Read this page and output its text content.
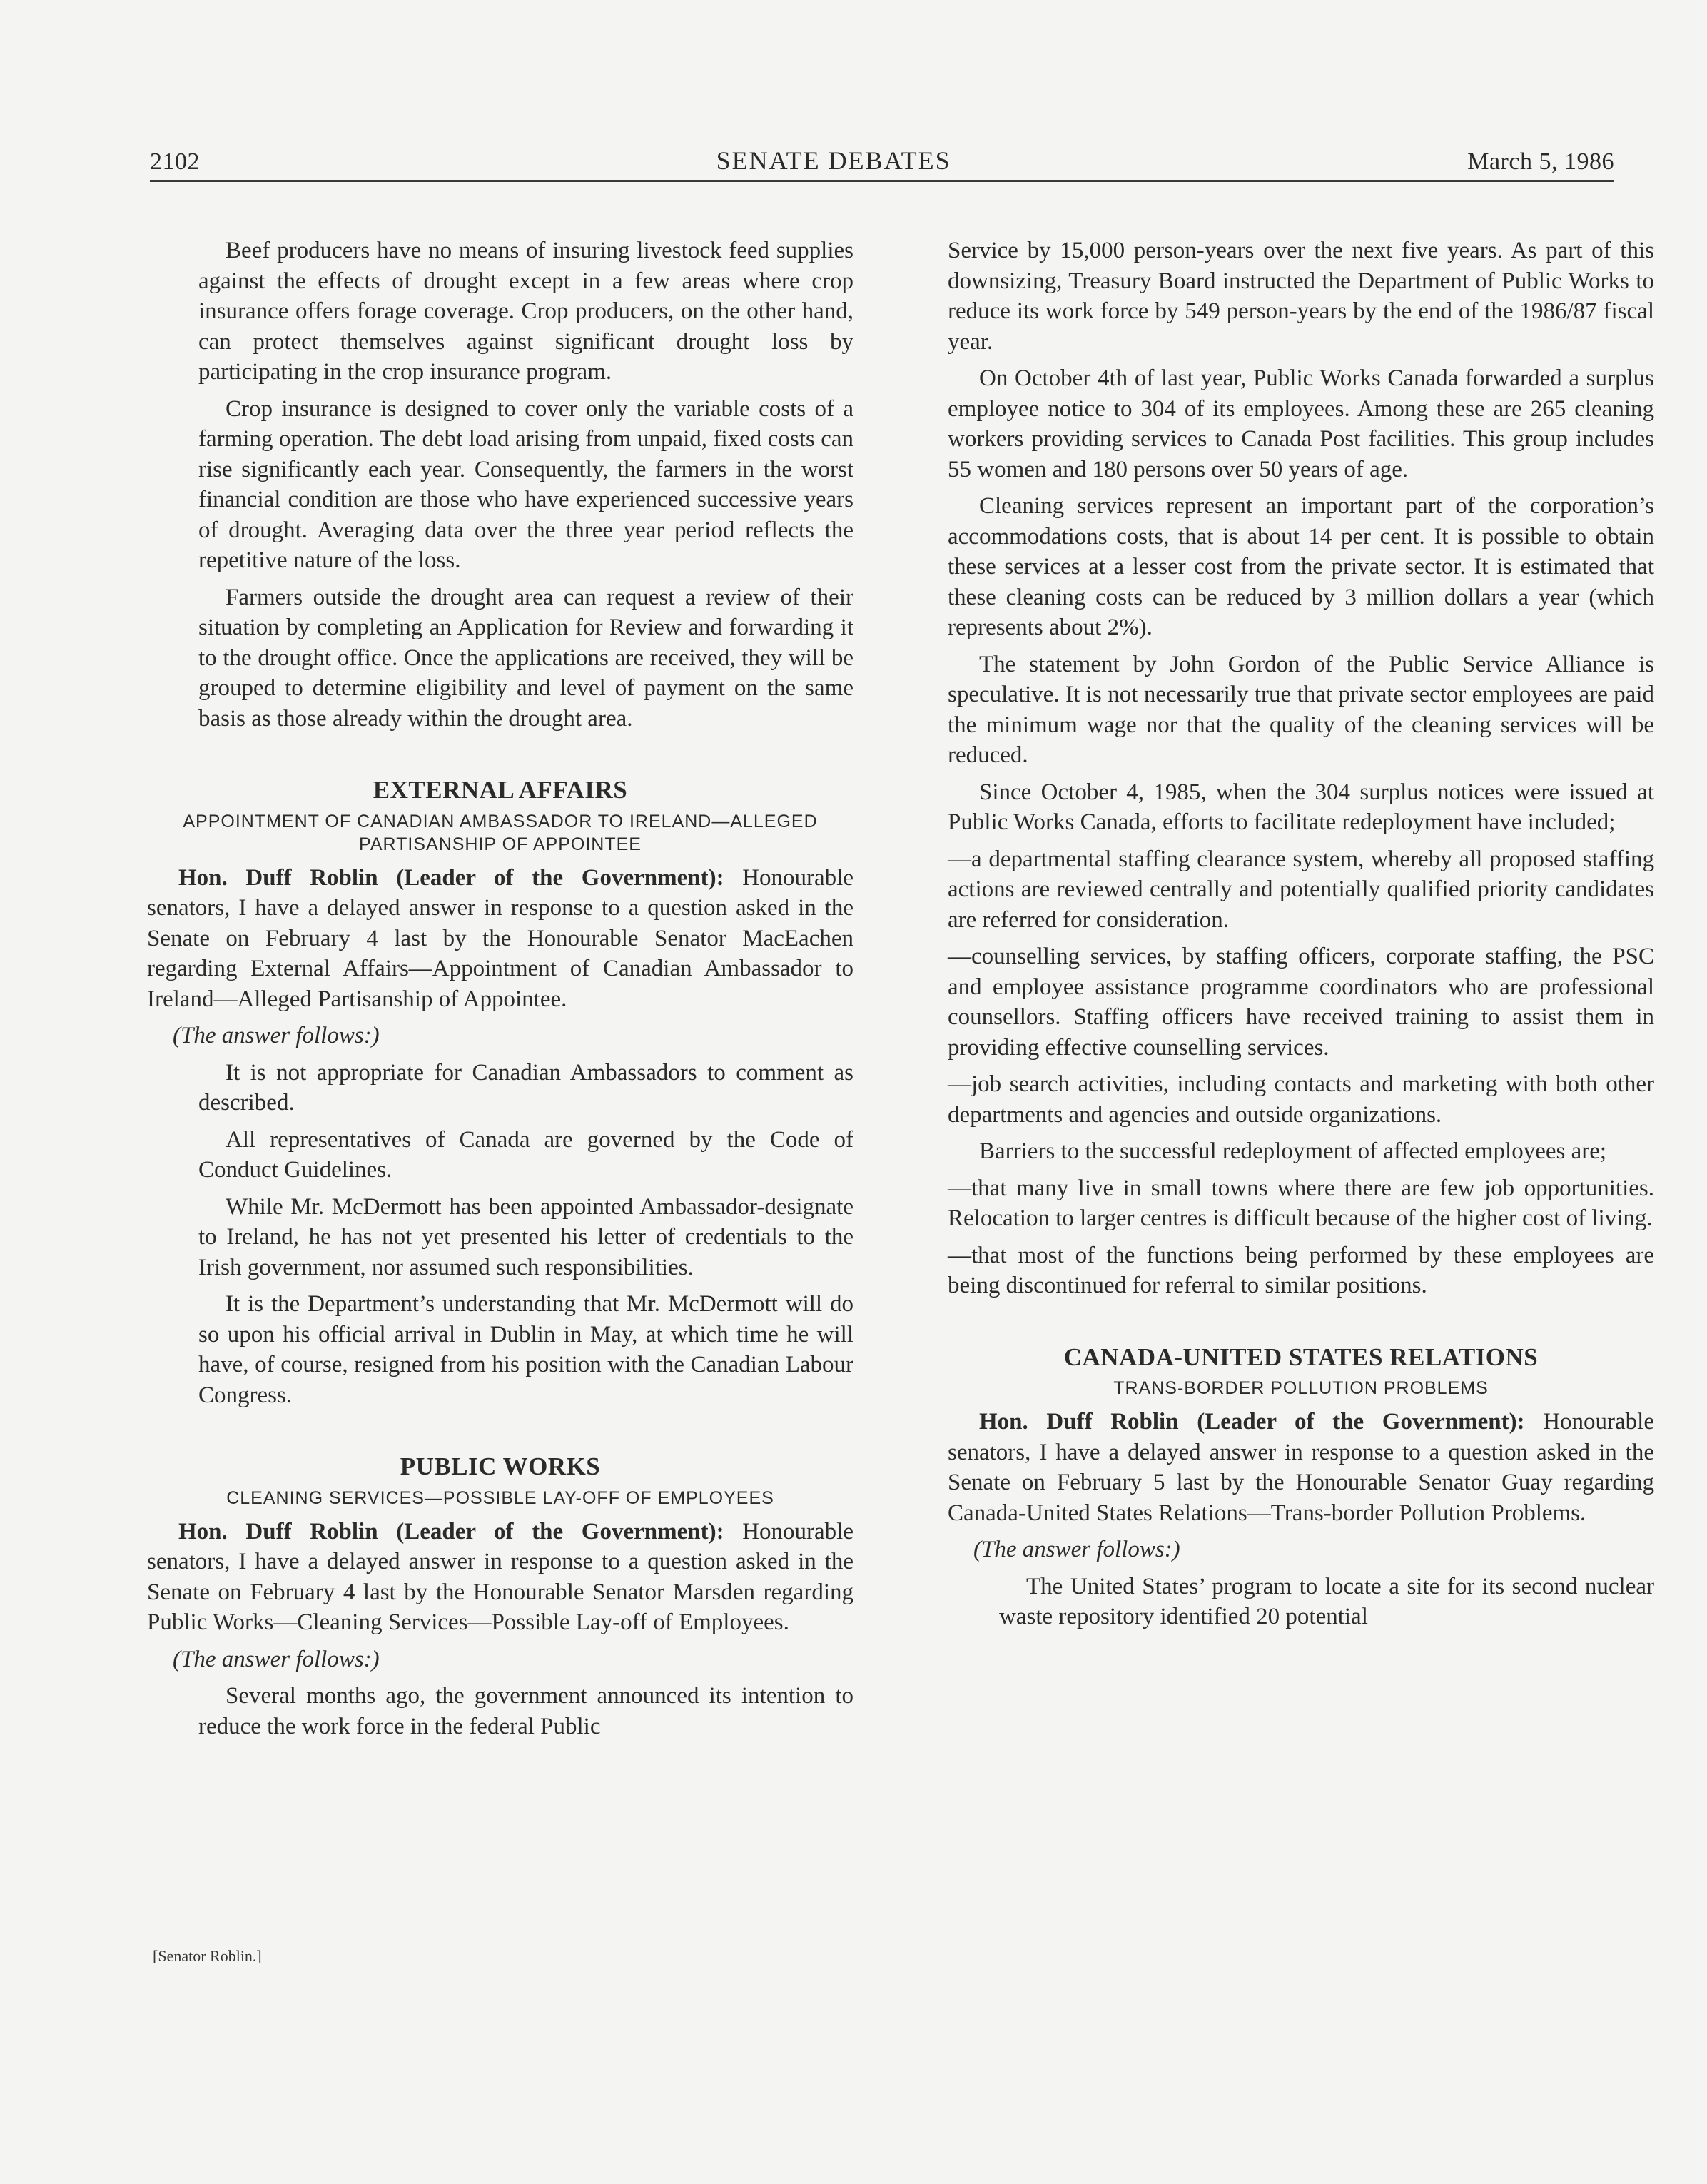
2102	SENATE DEBATES	March 5, 1986

Beef producers have no means of insuring livestock feed supplies against the effects of drought except in a few areas where crop insurance offers forage coverage. Crop producers, on the other hand, can protect themselves against significant drought loss by participating in the crop insurance program.

Crop insurance is designed to cover only the variable costs of a farming operation. The debt load arising from unpaid, fixed costs can rise significantly each year. Consequently, the farmers in the worst financial condition are those who have experienced successive years of drought. Averaging data over the three year period reflects the repetitive nature of the loss.

Farmers outside the drought area can request a review of their situation by completing an Application for Review and forwarding it to the drought office. Once the applications are received, they will be grouped to determine eligibility and level of payment on the same basis as those already within the drought area.

EXTERNAL AFFAIRS
APPOINTMENT OF CANADIAN AMBASSADOR TO IRELAND—ALLEGED PARTISANSHIP OF APPOINTEE

Hon. Duff Roblin (Leader of the Government): Honourable senators, I have a delayed answer in response to a question asked in the Senate on February 4 last by the Honourable Senator MacEachen regarding External Affairs—Appointment of Canadian Ambassador to Ireland—Alleged Partisanship of Appointee.

(The answer follows:)

It is not appropriate for Canadian Ambassadors to comment as described.

All representatives of Canada are governed by the Code of Conduct Guidelines.

While Mr. McDermott has been appointed Ambassador-designate to Ireland, he has not yet presented his letter of credentials to the Irish government, nor assumed such responsibilities.

It is the Department’s understanding that Mr. McDermott will do so upon his official arrival in Dublin in May, at which time he will have, of course, resigned from his position with the Canadian Labour Congress.

PUBLIC WORKS
CLEANING SERVICES—POSSIBLE LAY-OFF OF EMPLOYEES

Hon. Duff Roblin (Leader of the Government): Honourable senators, I have a delayed answer in response to a question asked in the Senate on February 4 last by the Honourable Senator Marsden regarding Public Works—Cleaning Services—Possible Lay-off of Employees.

(The answer follows:)

Several months ago, the government announced its intention to reduce the work force in the federal Public

Service by 15,000 person-years over the next five years. As part of this downsizing, Treasury Board instructed the Department of Public Works to reduce its work force by 549 person-years by the end of the 1986/87 fiscal year.

On October 4th of last year, Public Works Canada forwarded a surplus employee notice to 304 of its employees. Among these are 265 cleaning workers providing services to Canada Post facilities. This group includes 55 women and 180 persons over 50 years of age.

Cleaning services represent an important part of the corporation’s accommodations costs, that is about 14 per cent. It is possible to obtain these services at a lesser cost from the private sector. It is estimated that these cleaning costs can be reduced by 3 million dollars a year (which represents about 2%).

The statement by John Gordon of the Public Service Alliance is speculative. It is not necessarily true that private sector employees are paid the minimum wage nor that the quality of the cleaning services will be reduced.

Since October 4, 1985, when the 304 surplus notices were issued at Public Works Canada, efforts to facilitate redeployment have included;

—a departmental staffing clearance system, whereby all proposed staffing actions are reviewed centrally and potentially qualified priority candidates are referred for consideration.

—counselling services, by staffing officers, corporate staffing, the PSC and employee assistance programme coordinators who are professional counsellors. Staffing officers have received training to assist them in providing effective counselling services.

—job search activities, including contacts and marketing with both other departments and agencies and outside organizations.

Barriers to the successful redeployment of affected employees are;

—that many live in small towns where there are few job opportunities. Relocation to larger centres is difficult because of the higher cost of living.

—that most of the functions being performed by these employees are being discontinued for referral to similar positions.

CANADA-UNITED STATES RELATIONS
TRANS-BORDER POLLUTION PROBLEMS

Hon. Duff Roblin (Leader of the Government): Honourable senators, I have a delayed answer in response to a question asked in the Senate on February 5 last by the Honourable Senator Guay regarding Canada-United States Relations—Trans-border Pollution Problems.

(The answer follows:)

The United States’ program to locate a site for its second nuclear waste repository identified 20 potential

[Senator Roblin.]
